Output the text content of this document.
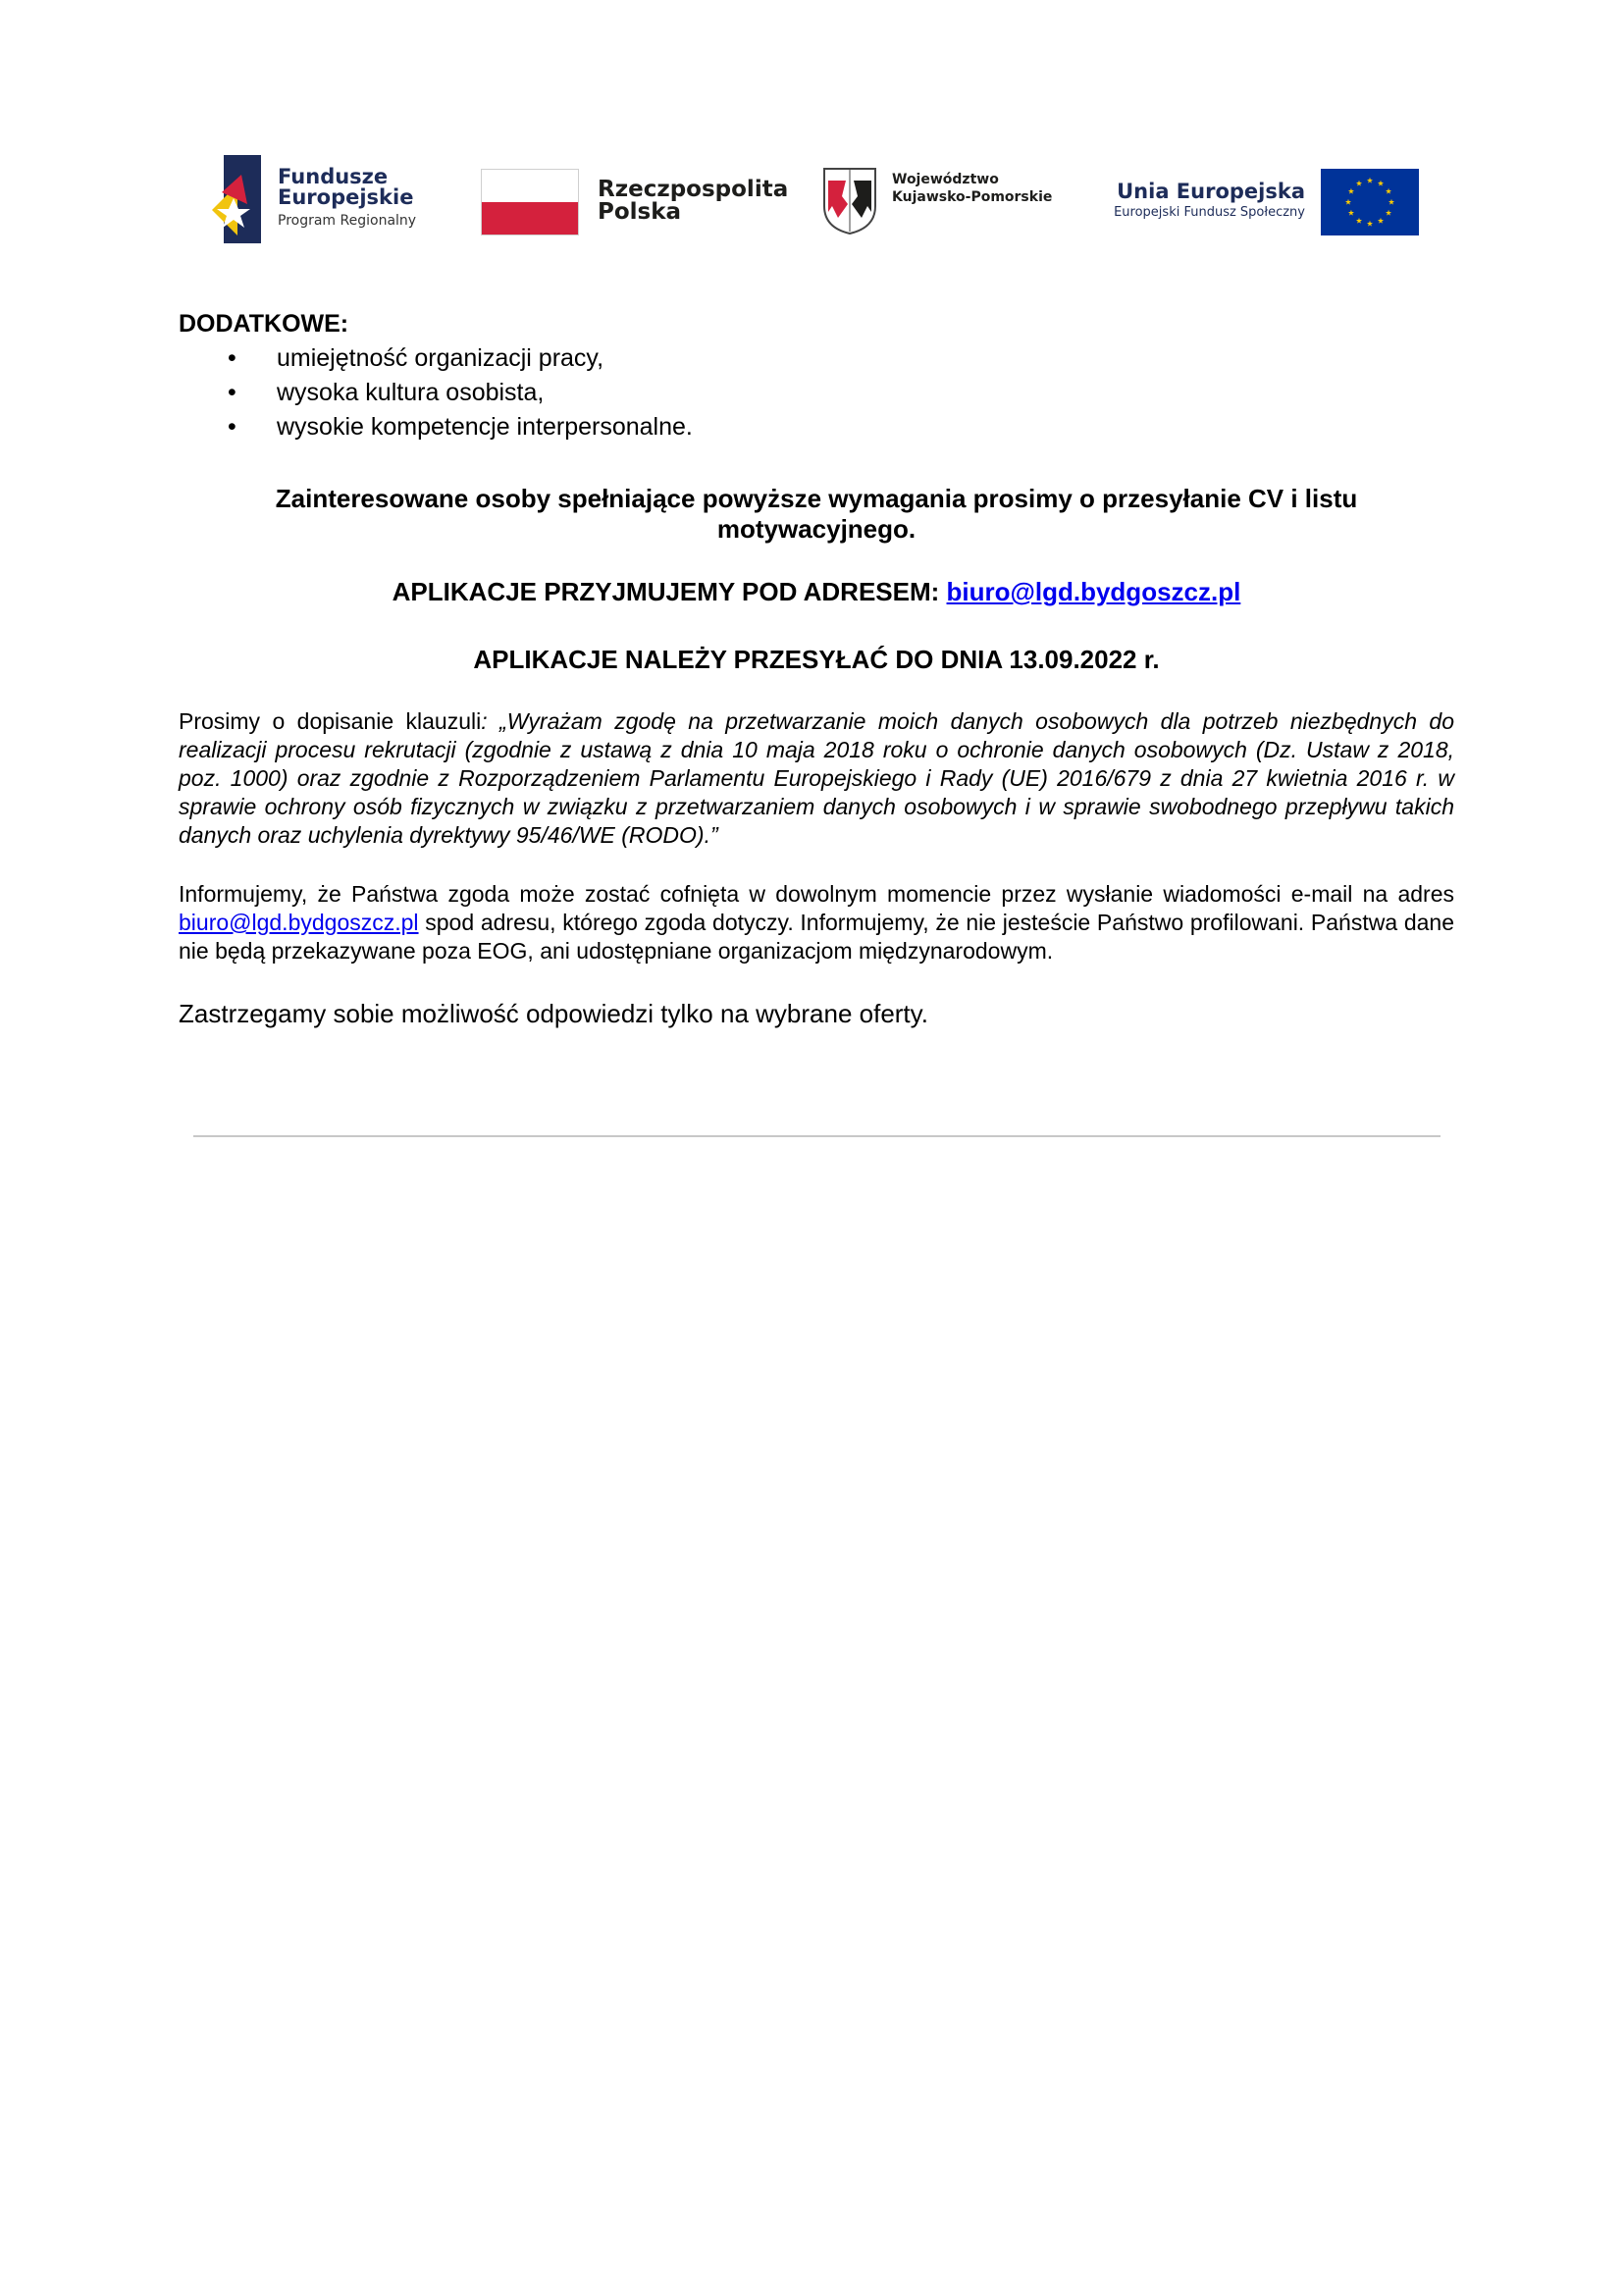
Fundusze
Europejskie
Program Regionalny
Rzeczpospolita
Polska
Województwo
Kujawsko-Pomorskie	Unia Europejska
Europejski Fundusz Społeczny

DODATKOWE:

• umiejętność organizacji pracy,
• wysoka kultura osobista,
• wysokie kompetencje interpersonalne.

Zainteresowane osoby spełniające powyższe wymagania prosimy o przesyłanie CV i listu motywacyjnego.

APLIKACJE PRZYJMUJEMY POD ADRESEM: biuro@lgd.bydgoszcz.pl

APLIKACJE NALEŻY PRZESYŁAĆ DO DNIA 13.09.2022 r.

Prosimy o dopisanie klauzuli: „Wyrażam zgodę na przetwarzanie moich danych osobowych dla potrzeb niezbędnych do realizacji procesu rekrutacji (zgodnie z ustawą z dnia 10 maja 2018 roku o ochronie danych osobowych (Dz. Ustaw z 2018, poz. 1000) oraz zgodnie z Rozporządzeniem Parlamentu Europejskiego i Rady (UE) 2016/679 z dnia 27 kwietnia 2016 r. w sprawie ochrony osób fizycznych w związku z przetwarzaniem danych osobowych i w sprawie swobodnego przepływu takich danych oraz uchylenia dyrektywy 95/46/WE (RODO).”

Informujemy, że Państwa zgoda może zostać cofnięta w dowolnym momencie przez wysłanie wiadomości e-mail na adres biuro@lgd.bydgoszcz.pl spod adresu, którego zgoda dotyczy. Informujemy, że nie jesteście Państwo profilowani. Państwa dane nie będą przekazywane poza EOG, ani udostępniane organizacjom międzynarodowym.

Zastrzegamy sobie możliwość odpowiedzi tylko na wybrane oferty.
